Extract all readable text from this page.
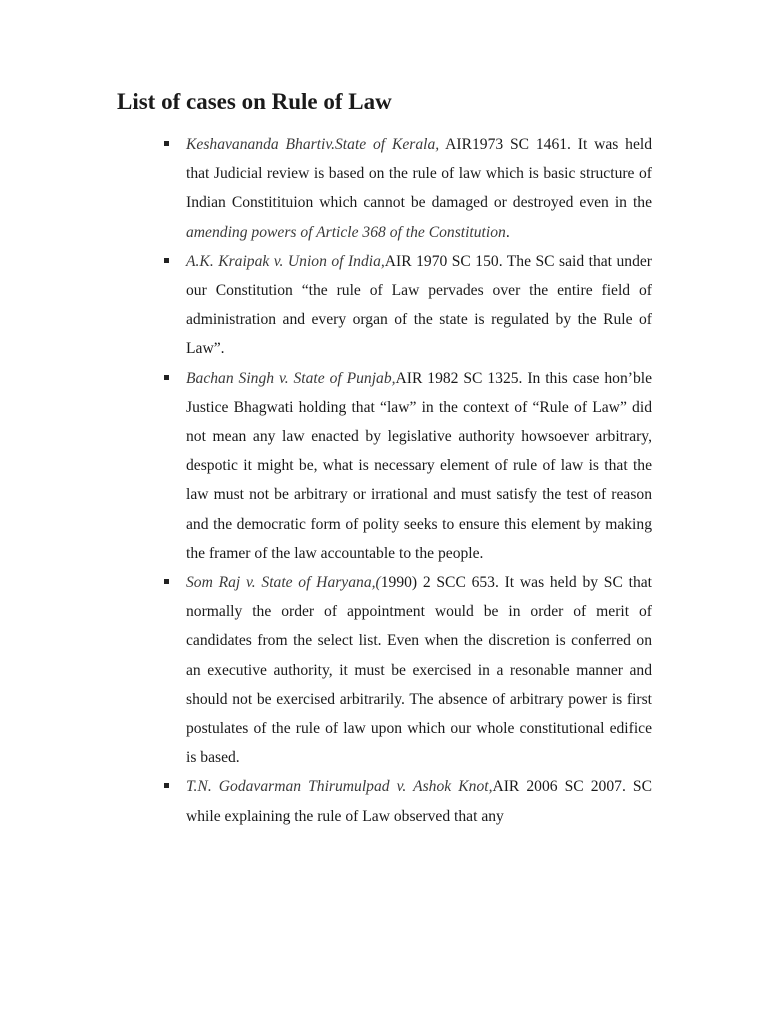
List of cases on Rule of Law
Keshavananda Bhartiv.State of Kerala, AIR1973 SC 1461. It was held that Judicial review is based on the rule of law which is basic structure of Indian Constitituion which cannot be damaged or destroyed even in the amending powers of Article 368 of the Constitution.
A.K. Kraipak v. Union of India,AIR 1970 SC 150. The SC said that under our Constitution “the rule of Law pervades over the entire field of administration and every organ of the state is regulated by the Rule of Law”.
Bachan Singh v. State of Punjab,AIR 1982 SC 1325. In this case hon’ble Justice Bhagwati holding that “law” in the context of “Rule of Law” did not mean any law enacted by legislative authority howsoever arbitrary, despotic it might be, what is necessary element of rule of law is that the law must not be arbitrary or irrational and must satisfy the test of reason and the democratic form of polity seeks to ensure this element by making the framer of the law accountable to the people.
Som Raj v. State of Haryana,(1990) 2 SCC 653. It was held by SC that normally the order of appointment would be in order of merit of candidates from the select list. Even when the discretion is conferred on an executive authority, it must be exercised in a resonable manner and should not be exercised arbitrarily. The absence of arbitrary power is first postulates of the rule of law upon which our whole constitutional edifice is based.
T.N. Godavarman Thirumulpad v. Ashok Knot,AIR 2006 SC 2007. SC while explaining the rule of Law observed that any
